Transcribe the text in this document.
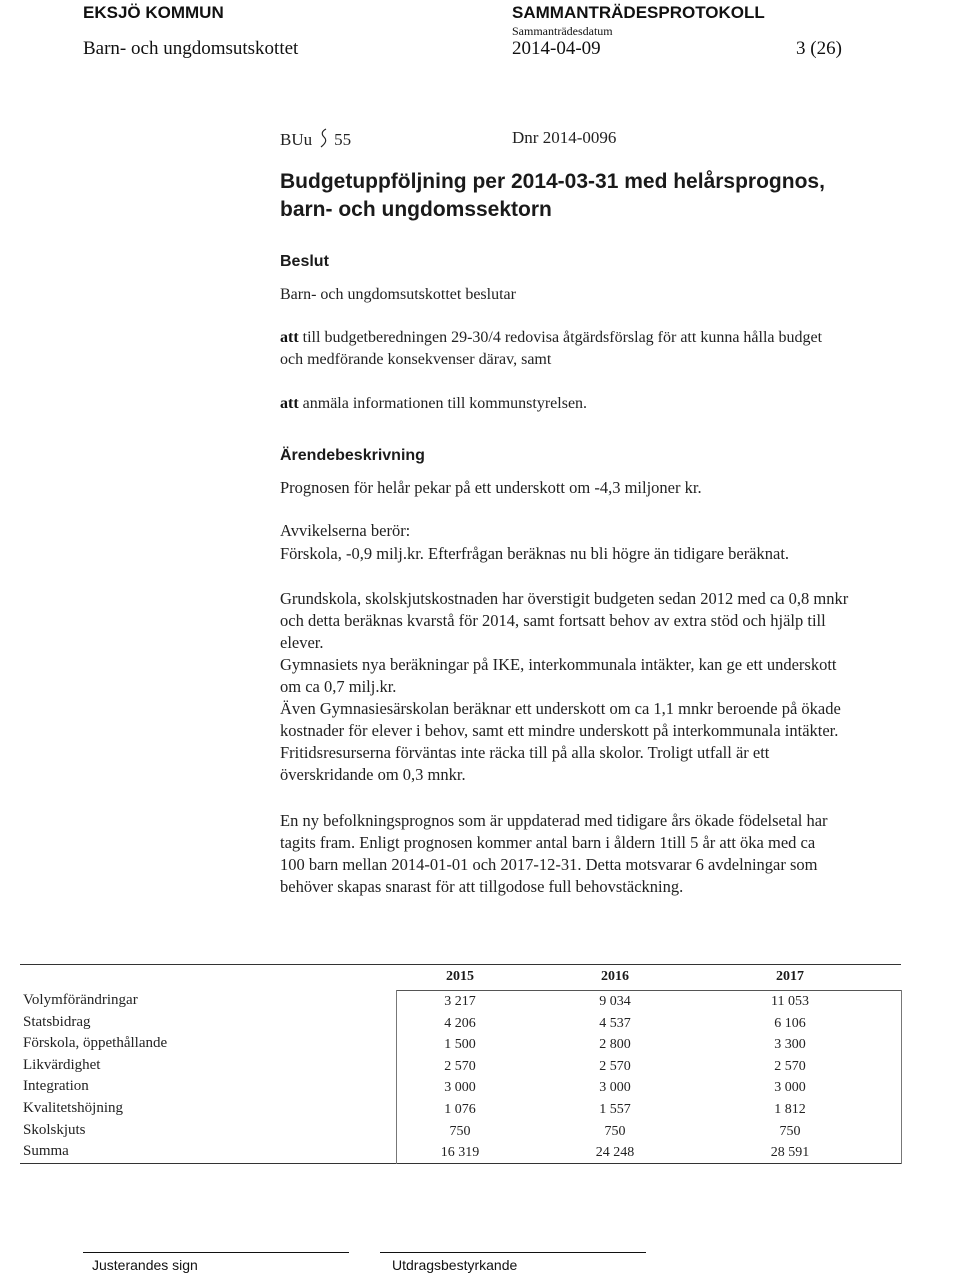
EKSJÖ KOMMUN	SAMMANTRÄDESPROTOKOLL
Sammanträdesdatum
Barn- och ungdomsutskottet	2014-04-09	3 (26)
BUu 55	Dnr 2014-0096
Budgetuppföljning per 2014-03-31 med helårsprognos,
barn- och ungdomssektorn
Beslut
Barn- och ungdomsutskottet beslutar
att till budgetberedningen 29-30/4 redovisa åtgärdsförslag för att kunna hålla budget
och medförande konsekvenser därav, samt
att anmäla informationen till kommunstyrelsen.
Ärendebeskrivning
Prognosen för helår pekar på ett underskott om -4,3 miljoner kr.
Avvikelserna berör:
Förskola, -0,9 milj.kr. Efterfrågan beräknas nu bli högre än tidigare beräknat.
Grundskola, skolskjutskostnaden har överstigit budgeten sedan 2012 med ca 0,8 mnkr
och detta beräknas kvarstå för 2014, samt fortsatt behov av extra stöd och hjälp till
elever.
Gymnasiets nya beräkningar på IKE, interkommunala intäkter, kan ge ett underskott
om ca 0,7 milj.kr.
Även Gymnasiesärskolan beräknar ett underskott om ca 1,1 mnkr beroende på ökade
kostnader för elever i behov, samt ett mindre underskott på interkommunala intäkter.
Fritidsresurserna förväntas inte räcka till på alla skolor. Troligt utfall är ett
överskridande om 0,3 mnkr.
En ny befolkningsprognos som är uppdaterad med tidigare års ökade födelsetal har
tagits fram. Enligt prognosen kommer antal barn i åldern 1till 5 år att öka med ca
100 barn mellan 2014-01-01 och 2017-12-31. Detta motsvarar 6 avdelningar som
behöver skapas snarast för att tillgodose full behovstäckning.
2015	2016	2017
Volymförändringar	3 217	9 034	11 053
Statsbidrag	4 206	4 537	6 106
Förskola, öppethållande	1 500	2 800	3 300
Likvärdighet	2 570	2 570	2 570
Integration	3 000	3 000	3 000
Kvalitetshöjning	1 076	1 557	1 812
Skolskjuts	750	750	750
Summa	16 319	24 248	28 591
Justerandes sign	Utdragsbestyrkande
